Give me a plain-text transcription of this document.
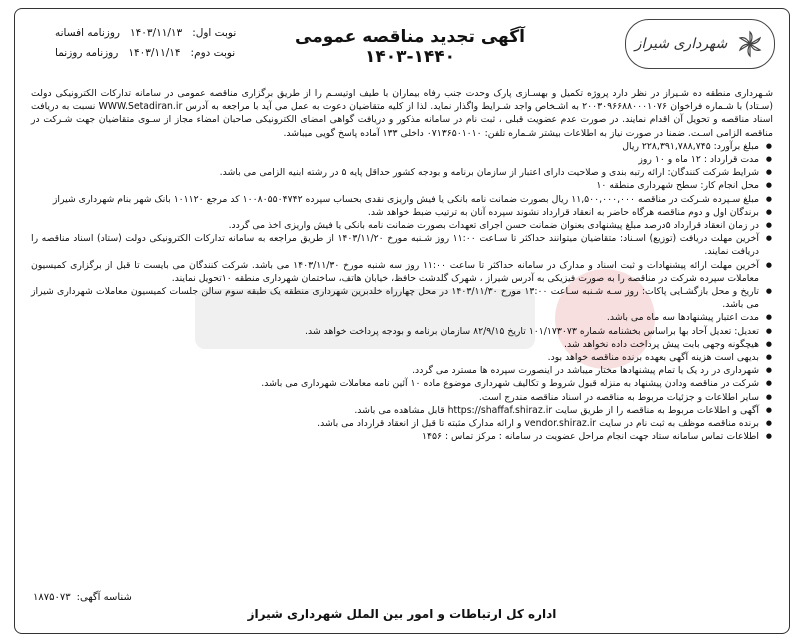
شهرداری شیراز
آگهی تجدید مناقصه عمومی ۱۴۴۰-۱۴۰۳
نوبت اول:
۱۴۰۳/۱۱/۱۳
روزنامه افسانه
نوبت دوم:
۱۴۰۳/۱۱/۱۴
روزنامه روزنما

شـهرداری منطقه ده شـیراز در نظر دارد پروژه تکمیل و بهسـازی پارک وحدت جنب رفاه بیماران با طیف اوتیسـم را از طریق برگزاری مناقصه عمومی در سامانه تدارکات الکترونیکی دولت (سـتاد) با شـماره فراخوان ۲۰۰۳۰۹۶۶۸۸۰۰۰۱۰۷۶ به اشـخاص واجد شـرایط واگذار نماید. لذا از کلیه متقاضیان دعوت به عمل می آید با مراجعه به آدرس WWW.Setadiran.ir نسبت به دریافت اسناد مناقصه و تحویل آن اقدام نمایند. در صورت عدم عضویت قبلی ، ثبت نام در سامانه مذکور و دریافت گواهی امضای الکترونیکی صاحبان امضاء مجاز از سـوی متقاضیان جهت شـرکت در مناقصه الزامی اسـت. ضمنا در صورت نیاز به اطلاعات بیشتر شـماره تلفن: ۰۷۱۳۶۵۰۱۰۱۰ داخلی ۱۳۳ آماده پاسخ گویی میباشد.

● مبلغ برآورد: ۲۲۸,۳۹۱,۷۸۸,۷۴۵ ریال
● مدت قرارداد : ۱۲ ماه و ۱۰ روز
● شرایط شرکت کنندگان: ارائه رتبه بندی و صلاحیت دارای اعتبار از سازمان برنامه و بودجه کشور حداقل پایه ۵ در رشته ابنیه الزامی می باشد.
● محل انجام کار: سطح شهرداری منطقه ۱۰
● مبلغ سـپرده شـرکت در مناقصه ۱۱,۵۰۰,۰۰۰,۰۰۰ ریال بصورت ضمانت نامه بانکی یا فیش واریزی نقدی بحساب سپرده ۱۰۰۸۰۵۵۰۴۷۴۲ کد مرجع ۱۰۱۱۲۰ بانک شهر بنام شهرداری شیراز
● برندگان اول و دوم مناقصه هرگاه حاضر به انعقاد قرارداد نشوند سپرده آنان به ترتیب ضبط خواهد شد.
● در زمان انعقاد قرارداد ۵درصد مبلغ پیشنهادی بعنوان ضمانت حسن اجرای تعهدات بصورت ضمانت نامه بانکی یا فیش واریزی اخذ می گردد.
● آخرین مهلت دریافت (توزیع) اسـناد: متقاضیان میتوانند حداکثر تا سـاعت ۱۱:۰۰ روز شـنبه مورخ ۱۴۰۳/۱۱/۲۰ از طریق مراجعه به سامانه تدارکات الکترونیکی دولت (ستاد) اسناد مناقصه را دریافت نمایند.
● آخرین مهلت ارائه پیشنهادات و ثبت اسناد و مدارک در سامانه حداکثر تا ساعت ۱۱:۰۰ روز سه شنبه مورخ ۱۴۰۳/۱۱/۳۰ می باشد. شرکت کنندگان می بایست تا قبل از برگزاری کمیسیون معاملات سپرده شرکت در مناقصه را به صورت فیزیکی به آدرس شیراز ، شهرک گلدشت حافظ، خیابان هاتف، ساختمان شهرداری منطقه ۱۰تحویل نمایند.
● تاریخ و محل بازگشـایی پاکات: روز سـه شـنبه سـاعت ۱۳:۰۰ مورخ ۱۴۰۳/۱۱/۳۰ در محل چهارراه خلدبرین شهرداری منطقه یک طبقه سوم سالن جلسات کمیسیون معاملات شهرداری شیراز می باشد.
● مدت اعتبار پیشنهادها سه ماه می باشد.
● تعدیل: تعدیل آحاد بها براساس بخشنامه شماره ۱۰۱/۱۷۳۰۷۳ تاریخ ۸۲/۹/۱۵ سازمان برنامه و بودجه پرداخت خواهد شد.
● هیچگونه وجهی بابت پیش پرداخت داده نخواهد شد.
● بدیهی است هزینه آگهی بعهده برنده مناقصه خواهد بود.
● شهرداری در رد یک یا تمام پیشنهادها مختار میباشد در اینصورت سپرده ها مسترد می گردد.
● شرکت در مناقصه ودادن پیشنهاد به منزله قبول شروط و تکالیف شهرداری موضوع ماده ۱۰ آئین نامه معاملات شهرداری می باشد.
● سایر اطلاعات و جزئیات مربوط به مناقصه در اسناد مناقصه مندرج است.
● آگهی و اطلاعات مربوط به مناقصه را از طریق سایت https://shaffaf.shiraz.ir قابل مشاهده می باشد.
● برنده مناقصه موظف به ثبت نام در سایت vendor.shiraz.ir و ارائه مدارک مثبته تا قبل از انعقاد قرارداد می باشد.
● اطلاعات تماس سامانه ستاد جهت انجام مراحل عضویت در سامانه : مرکز تماس : ۱۴۵۶
شناسه آگهی:
۱۸۷۵۰۷۳
اداره کل ارتباطات و امور بین الملل شهرداری شیراز
